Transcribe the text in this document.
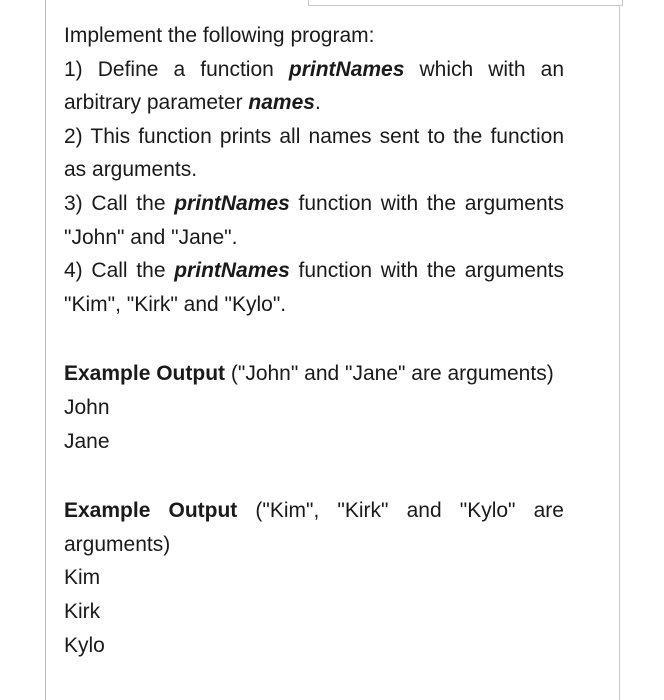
Implement the following program:

1) Define a function printNames which with an arbitrary parameter names.

2) This function prints all names sent to the function as arguments.

3) Call the printNames function with the arguments "John" and "Jane".

4) Call the printNames function with the arguments "Kim", "Kirk" and "Kylo".

Example Output ("John" and "Jane" are arguments)

John

Jane

Example Output ("Kim", "Kirk" and "Kylo" are arguments)

Kim

Kirk

Kylo
